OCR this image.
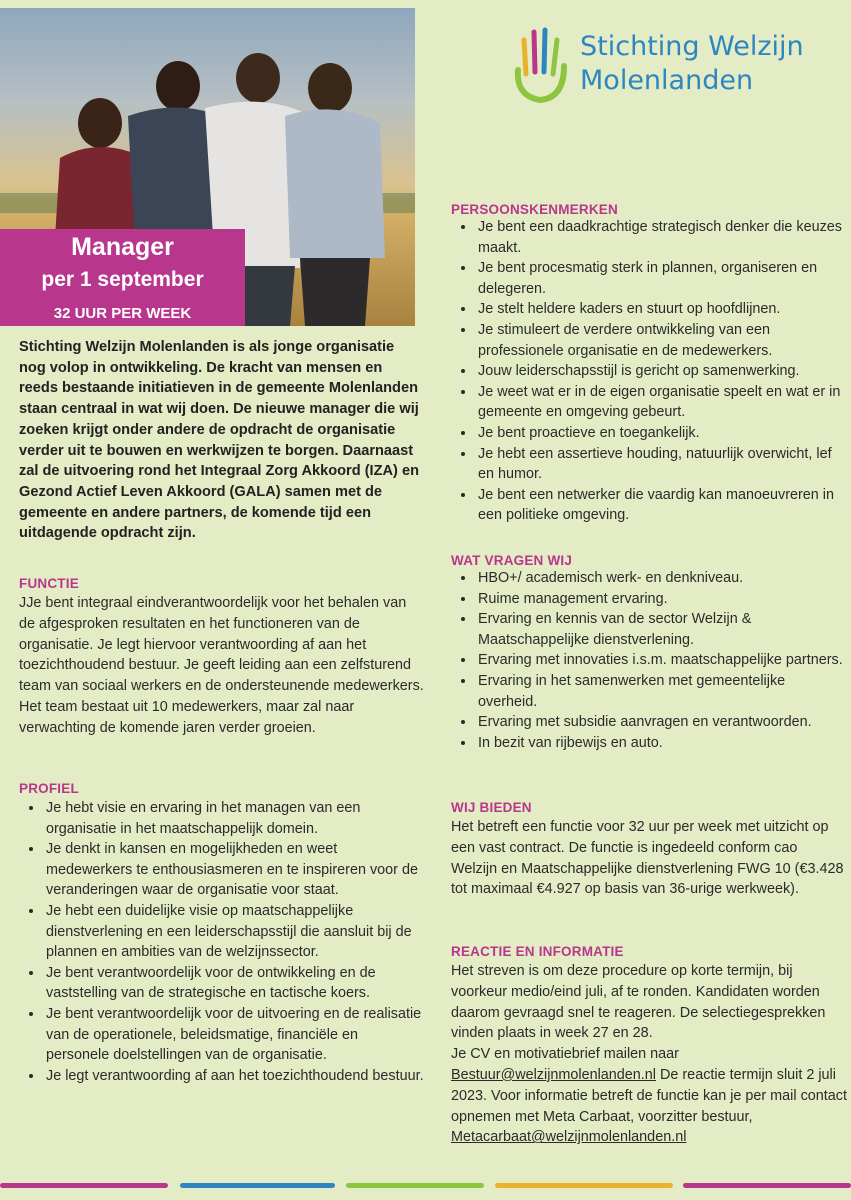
Manager
per 1 september
32 UUR PER WEEK
Stichting Welzijn
Molenlanden
Stichting Welzijn Molenlanden is als jonge organisatie nog volop in ontwikkeling. De kracht van mensen en reeds bestaande initiatieven in de gemeente Molenlanden staan centraal in wat wij doen. De nieuwe manager die wij zoeken krijgt onder andere de opdracht de organisatie verder uit te bouwen en werkwijzen te borgen. Daarnaast zal de uitvoering rond het Integraal Zorg Akkoord (IZA) en Gezond Actief Leven Akkoord (GALA) samen met de gemeente en andere partners, de komende tijd een uitdagende opdracht zijn.
FUNCTIE

JJe bent integraal eindverantwoordelijk voor het behalen van de afgesproken resultaten en het functioneren van de organisatie. Je legt hiervoor verantwoording af aan het toezichthoudend bestuur. Je geeft leiding aan een zelfsturend team van sociaal werkers en de ondersteunende medewerkers. Het team bestaat uit 10 medewerkers, maar zal naar verwachting de komende jaren verder groeien.

PROFIEL
• Je hebt visie en ervaring in het managen van een organisatie in het maatschappelijk domein.
• Je denkt in kansen en mogelijkheden en weet medewerkers te enthousiasmeren en te inspireren voor de veranderingen waar de organisatie voor staat.
• Je hebt een duidelijke visie op maatschappelijke dienstverlening en een leiderschapsstijl die aansluit bij de plannen en ambities van de welzijnssector.
• Je bent verantwoordelijk voor de ontwikkeling en de vaststelling van de strategische en tactische koers.
• Je bent verantwoordelijk voor de uitvoering en de realisatie van de operationele, beleidsmatige, financiële en personele doelstellingen van de organisatie.
• Je legt verantwoording af aan het toezichthoudend bestuur.
PERSOONSKENMERKEN
• Je bent een daadkrachtige strategisch denker die keuzes maakt.
• Je bent procesmatig sterk in plannen, organiseren en delegeren.
• Je stelt heldere kaders en stuurt op hoofdlijnen.
• Je stimuleert de verdere ontwikkeling van een professionele organisatie en de medewerkers.
• Jouw leiderschapsstijl is gericht op samenwerking.
• Je weet wat er in de eigen organisatie speelt en wat er in gemeente en omgeving gebeurt.
• Je bent proactieve en toegankelijk.
• Je hebt een assertieve houding, natuurlijk overwicht, lef en humor.
• Je bent een netwerker die vaardig kan manoeuvreren in een politieke omgeving.
WAT VRAGEN WIJ
• HBO+/ academisch werk- en denkniveau.
• Ruime management ervaring.
• Ervaring en kennis van de sector Welzijn & Maatschappelijke dienstverlening.
• Ervaring met innovaties i.s.m. maatschappelijke partners.
• Ervaring in het samenwerken met gemeentelijke overheid.
• Ervaring met subsidie aanvragen en verantwoorden.
• In bezit van rijbewijs en auto.
WIJ BIEDEN

Het betreft een functie voor 32 uur per week met uitzicht op een vast contract. De functie is ingedeeld conform cao Welzijn en Maatschappelijke dienstverlening FWG 10 (€3.428 tot maximaal €4.927 op basis van 36-urige werkweek).

REACTIE EN INFORMATIE

Het streven is om deze procedure op korte termijn, bij voorkeur medio/eind juli, af te ronden. Kandidaten worden daarom gevraagd snel te reageren. De selectiegesprekken vinden plaats in week 27 en 28.
Je CV en motivatiebrief mailen naar
Bestuur@welzijnmolenlanden.nl De reactie termijn sluit 2 juli 2023. Voor informatie betreft de functie kan je per mail contact opnemen met Meta Carbaat, voorzitter bestuur,
Metacarbaat@welzijnmolenlanden.nl
